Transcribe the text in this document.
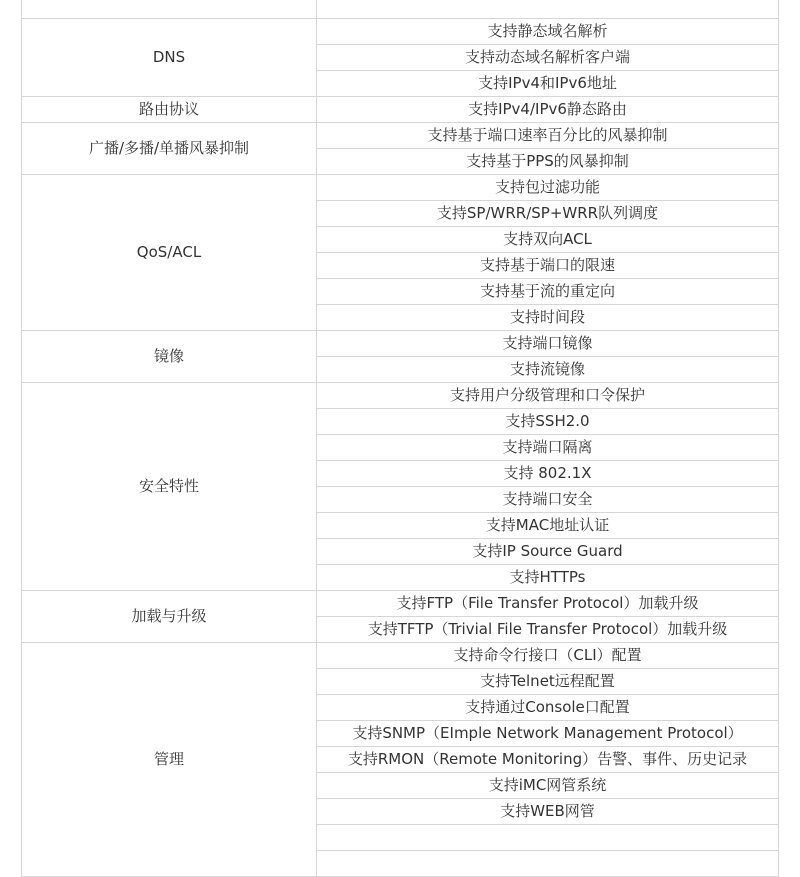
DNS	支持静态域名解析
	支持动态域名解析客户端
	支持IPv4和IPv6地址
路由协议	支持IPv4/IPv6静态路由
广播/多播/单播风暴抑制	支持基于端口速率百分比的风暴抑制
	支持基于PPS的风暴抑制
QoS/ACL	支持包过滤功能
	支持SP/WRR/SP+WRR队列调度
	支持双向ACL
	支持基于端口的限速
	支持基于流的重定向
	支持时间段
镜像	支持端口镜像
	支持流镜像
安全特性	支持用户分级管理和口令保护
	支持SSH2.0
	支持端口隔离
	支持 802.1X
	支持端口安全
	支持MAC地址认证
	支持IP Source Guard
	支持HTTPs
加载与升级	支持FTP（File Transfer Protocol）加载升级
	支持TFTP（Trivial File Transfer Protocol）加载升级
管理	支持命令行接口（CLI）配置
	支持Telnet远程配置
	支持通过Console口配置
	支持SNMP（EImple Network Management Protocol）
	支持RMON（Remote Monitoring）告警、事件、历史记录
	支持iMC网管系统
	支持WEB网管
